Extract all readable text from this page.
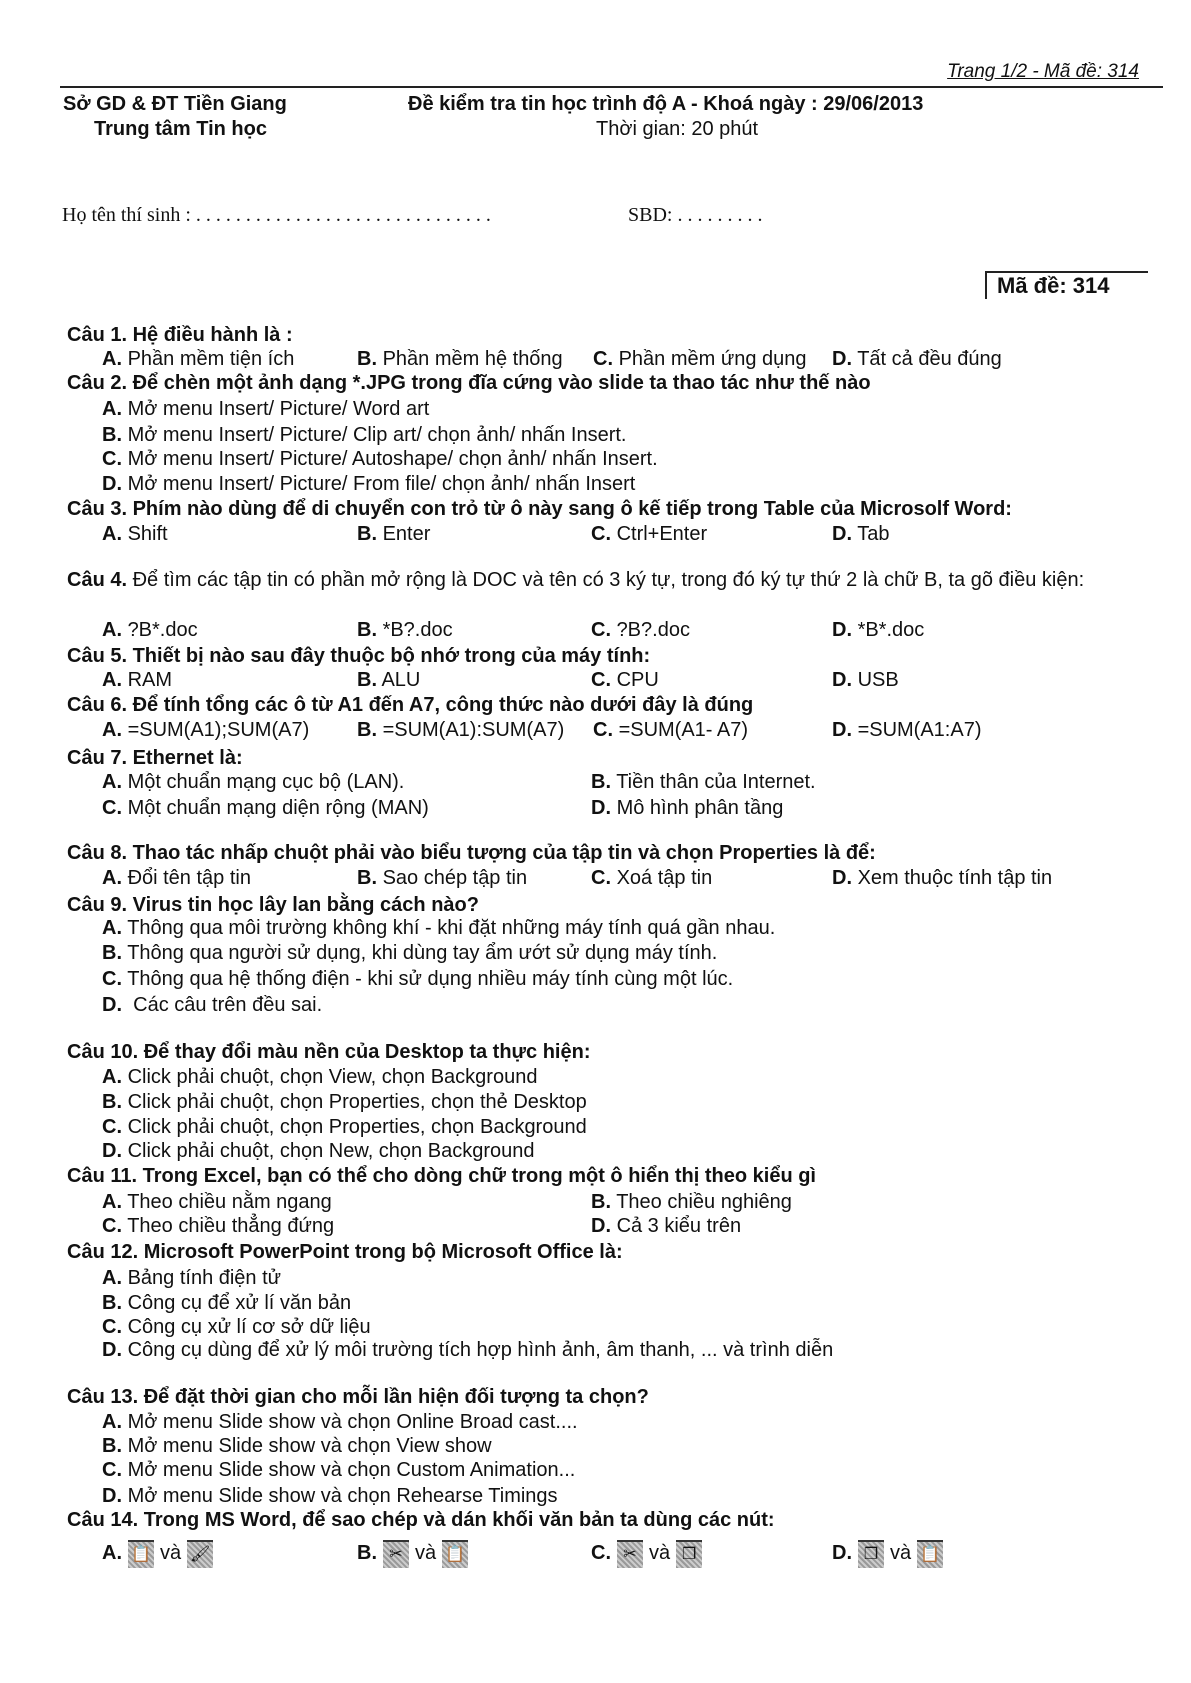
Trang 1/2 - Mã đề: 314
Sở GD & ĐT Tiền Giang
Trung tâm Tin học
Đề kiểm tra tin học trình độ A - Khoá ngày : 29/06/2013
Thời gian: 20 phút
Họ tên thí sinh : . . . . . . . . . . . . . . . . . . . . . . . . . . . . . .	SBD: . . . . . . . . .
Mã đề: 314
Câu 1. Hệ điều hành là :
A. Phần mềm tiện ích	B. Phần mềm hệ thống C. Phần mềm ứng dụng D. Tất cả đều đúng
Câu 2. Để chèn một ảnh dạng *.JPG trong đĩa cứng vào slide ta thao tác như thế nào
A. Mở menu Insert/ Picture/ Word art
B. Mở menu Insert/ Picture/ Clip art/ chọn ảnh/ nhấn Insert.
C. Mở menu Insert/ Picture/ Autoshape/ chọn ảnh/ nhấn Insert.
D. Mở menu Insert/ Picture/ From file/ chọn ảnh/ nhấn Insert
Câu 3. Phím nào dùng để di chuyển con trỏ từ ô này sang ô kế tiếp trong Table của Microsolf Word:
A. Shift	B. Enter	C. Ctrl+Enter	D. Tab
Câu 4. Để tìm các tập tin có phần mở rộng là DOC và tên có 3 ký tự, trong đó ký tự thứ 2 là chữ B, ta gõ điều kiện:
A. ?B*.doc	B. *B?.doc	C. ?B?.doc	D. *B*.doc
Câu 5. Thiết bị nào sau đây thuộc bộ nhớ trong của máy tính:
A. RAM	B. ALU	C. CPU	D. USB
Câu 6. Để tính tổng các ô từ A1 đến A7, công thức nào dưới đây là đúng
A. =SUM(A1);SUM(A7) B. =SUM(A1):SUM(A7) C. =SUM(A1- A7)	D. =SUM(A1:A7)
Câu 7. Ethernet là:
A. Một chuẩn mạng cục bộ (LAN).	B. Tiền thân của Internet.
C. Một chuẩn mạng diện rộng (MAN)	D. Mô hình phân tầng
Câu 8. Thao tác nhấp chuột phải vào biểu tượng của tập tin và chọn Properties là để:
A. Đổi tên tập tin	B. Sao chép tập tin	C. Xoá tập tin	D. Xem thuộc tính tập tin
Câu 9. Virus tin học lây lan bằng cách nào?
A. Thông qua môi trường không khí - khi đặt những máy tính quá gần nhau.
B. Thông qua người sử dụng, khi dùng tay ẩm ướt sử dụng máy tính.
C. Thông qua hệ thống điện - khi sử dụng nhiều máy tính cùng một lúc.
D. Các câu trên đều sai.
Câu 10. Để thay đổi màu nền của Desktop ta thực hiện:
A. Click phải chuột, chọn View, chọn Background
B. Click phải chuột, chọn Properties, chọn thẻ Desktop
C. Click phải chuột, chọn Properties, chọn Background
D. Click phải chuột, chọn New, chọn Background
Câu 11. Trong Excel, bạn có thể cho dòng chữ trong một ô hiển thị theo kiểu gì
A. Theo chiều nằm ngang	B. Theo chiều nghiêng
C. Theo chiều thẳng đứng	D. Cả 3 kiểu trên
Câu 12. Microsoft PowerPoint trong bộ Microsoft Office là:
A. Bảng tính điện tử
B. Công cụ để xử lí văn bản
C. Công cụ xử lí cơ sở dữ liệu
D. Công cụ dùng để xử lý môi trường tích hợp hình ảnh, âm thanh, ... và trình diễn
Câu 13. Để đặt thời gian cho mỗi lần hiện đối tượng ta chọn?
A. Mở menu Slide show và chọn Online Broad cast....
B. Mở menu Slide show và chọn View show
C. Mở menu Slide show và chọn Custom Animation...
D. Mở menu Slide show và chọn Rehearse Timings
Câu 14. Trong MS Word, để sao chép và dán khối văn bản ta dùng các nút:
A. 📋 và 🖌	B. ✂ và 📋	C. ✂ và ❐	D. ❐ và 📋
